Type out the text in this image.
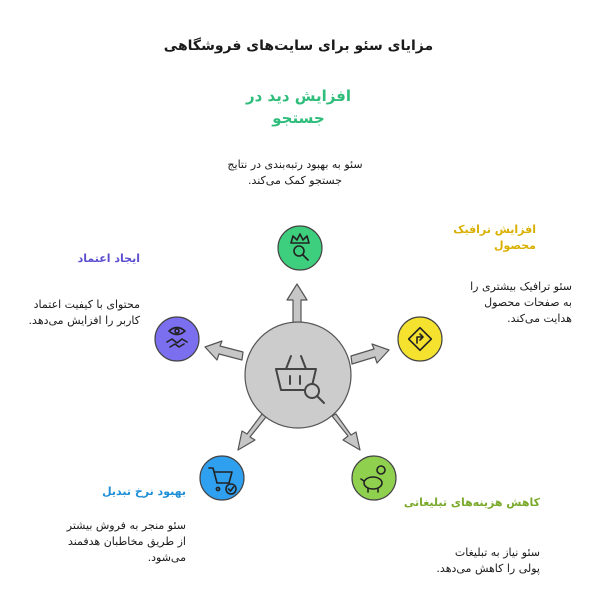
مزایای سئو برای سایت‌های فروشگاهی
افزایش دید در
جستجو
سئو به بهبود رتبه‌بندی در نتایج
جستجو کمک می‌کند.
افزایش ترافیک
محصول
سئو ترافیک بیشتری را
به صفحات محصول
هدایت می‌کند.
کاهش هزینه‌های تبلیغاتی
سئو نیاز به تبلیغات
پولی را کاهش می‌دهد.
بهبود نرخ تبدیل
سئو منجر به فروش بیشتر
از طریق مخاطبان هدفمند
می‌شود.
ایجاد اعتماد
محتوای با کیفیت اعتماد
کاربر را افزایش می‌دهد.
